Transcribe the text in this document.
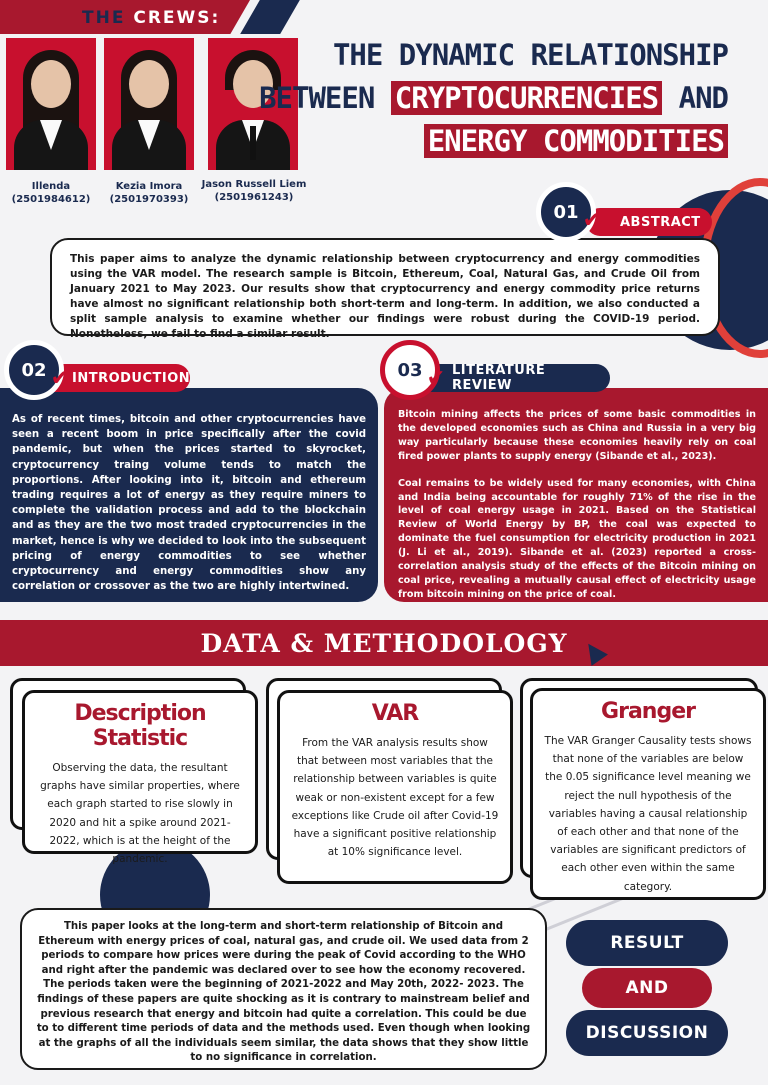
THE CREWS:
Illenda
(2501984612)
Kezia Imora
(2501970393)
Jason Russell Liem
(2501961243)
THE DYNAMIC RELATIONSHIP
BETWEEN CRYPTOCURRENCIES AND
ENERGY COMMODITIES
ABSTRACT
01 ✔
This paper aims to analyze the dynamic relationship between cryptocurrency and energy commodities using the VAR model. The research sample is Bitcoin, Ethereum, Coal, Natural Gas, and Crude Oil from January 2021 to May 2023. Our results show that cryptocurrency and energy commodity price returns have almost no significant relationship both short-term and long-term. In addition, we also conducted a split sample analysis to examine whether our findings were robust during the COVID-19 period. Nonetheless, we fail to find a similar result.
INTRODUCTION
02 ✔
As of recent times, bitcoin and other cryptocurrencies have seen a recent boom in price specifically after the covid pandemic, but when the prices started to skyrocket, cryptocurrency traing volume tends to match the proportions. After looking into it, bitcoin and ethereum trading requires a lot of energy as they require miners to complete the validation process and add to the blockchain and as they are the two most traded cryptocurrencies in the market, hence is why we decided to look into the subsequent pricing of energy commodities to see whether cryptocurrency and energy commodities show any correlation or crossover as the two are highly intertwined.
LITERATURE REVIEW
03 ✔

Bitcoin mining affects the prices of some basic commodities in the developed economies such as China and Russia in a very big way particularly because these economies heavily rely on coal fired power plants to supply energy (Sibande et al., 2023).

Coal remains to be widely used for many economies, with China and India being accountable for roughly 71% of the rise in the level of coal energy usage in 2021. Based on the Statistical Review of World Energy by BP, the coal was expected to dominate the fuel consumption for electricity production in 2021 (J. Li et al., 2019). Sibande et al. (2023) reported a cross-correlation analysis study of the effects of the Bitcoin mining on coal price, revealing a mutually causal effect of electricity usage from bitcoin mining on the price of coal.

DATA & METHODOLOGY
Description Statistic
Observing the data, the resultant graphs have similar properties, where each graph started to rise slowly in 2020 and hit a spike around 2021-2022, which is at the height of the pandemic.
VAR
From the VAR analysis results show that between most variables that the relationship between variables is quite weak or non-existent except for a few exceptions like Crude oil after Covid-19 have a significant positive relationship at 10% significance level.
Granger
The VAR Granger Causality tests shows that none of the variables are below the 0.05 significance level meaning we reject the null hypothesis of the variables having a causal relationship of each other and that none of the variables are significant predictors of each other even within the same category.
This paper looks at the long-term and short-term relationship of Bitcoin and Ethereum with energy prices of coal, natural gas, and crude oil. We used data from 2 periods to compare how prices were during the peak of Covid according to the WHO and right after the pandemic was declared over to see how the economy recovered. The periods taken were the beginning of 2021-2022 and May 20th, 2022- 2023. The findings of these papers are quite shocking as it is contrary to mainstream belief and previous research that energy and bitcoin had quite a correlation. This could be due to to different time periods of data and the methods used. Even though when looking at the graphs of all the individuals seem similar, the data shows that they show little to no significance in correlation.
RESULT
AND
DISCUSSION
